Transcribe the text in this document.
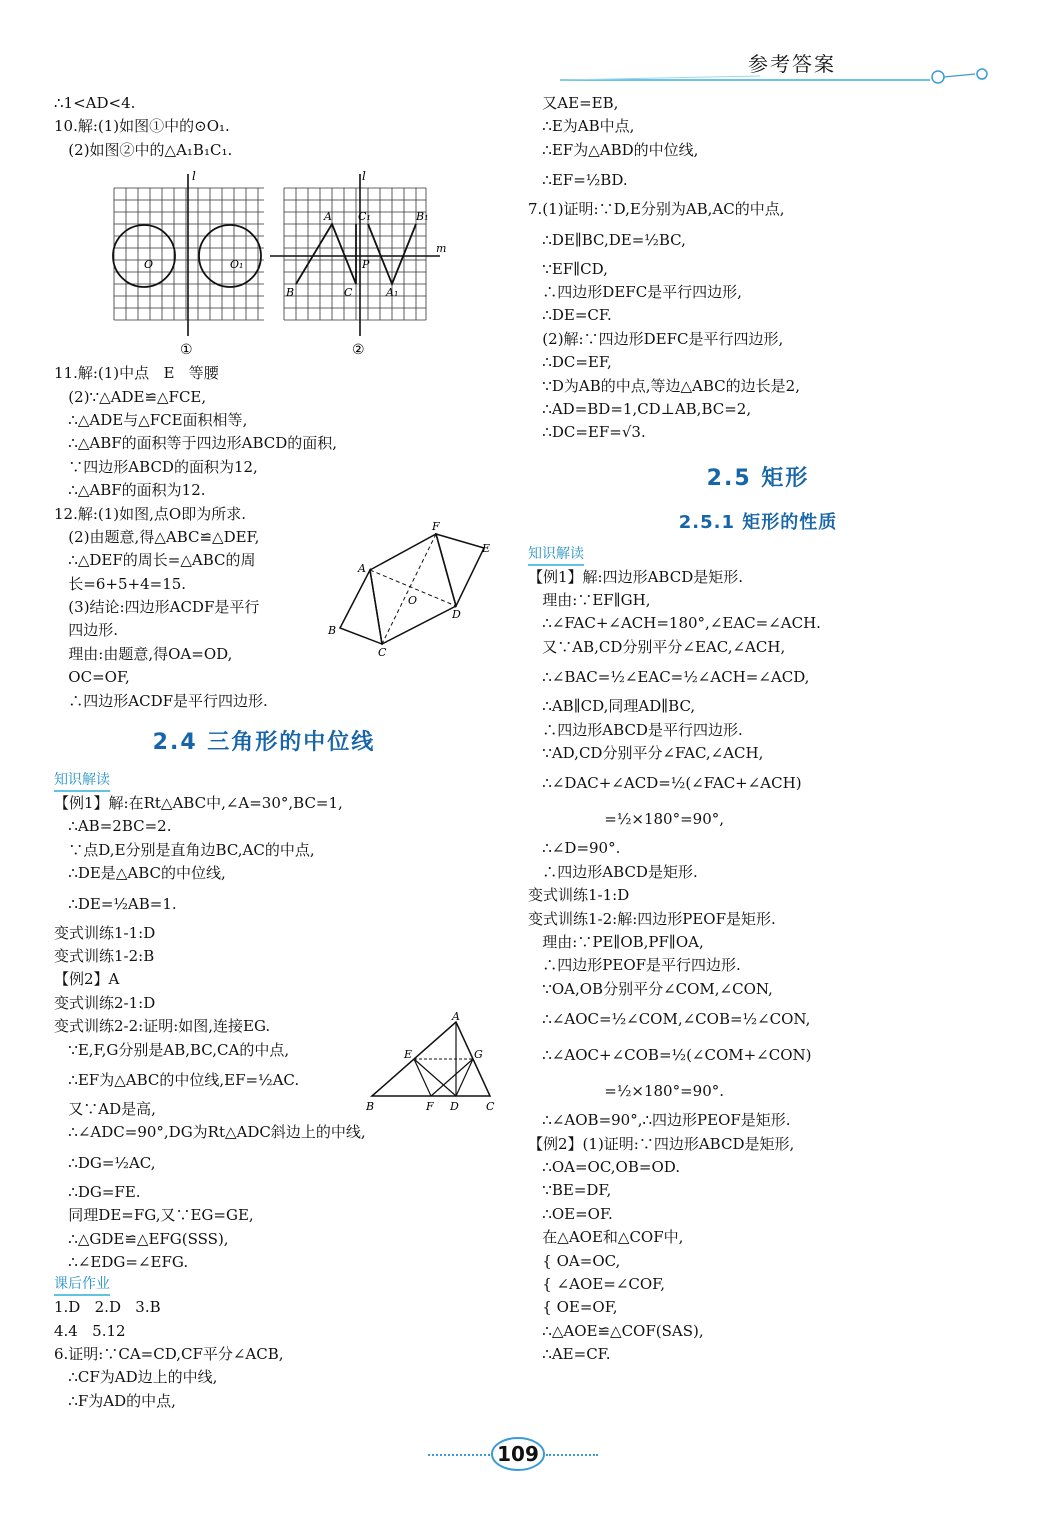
参考答案
∴1<AD<4.
10.解:(1)如图①中的⊙O₁.
(2)如图②中的△A₁B₁C₁.
11.解:(1)中点   E   等腰
(2)∵△ADE≌△FCE,
∴△ADE与△FCE面积相等,
∴△ABF的面积等于四边形ABCD的面积,
∵四边形ABCD的面积为12,
∴△ABF的面积为12.
12.解:(1)如图,点O即为所求.
(2)由题意,得△ABC≌△DEF,
∴△DEF的周长=△ABC的周
长=6+5+4=15.
(3)结论:四边形ACDF是平行
四边形.
理由:由题意,得OA=OD,
OC=OF,
∴四边形ACDF是平行四边形.
2.4 三角形的中位线
知识解读
【例1】解:在Rt△ABC中,∠A=30°,BC=1,
∴AB=2BC=2.
∵点D,E分别是直角边BC,AC的中点,
∴DE是△ABC的中位线,
∴DE=½AB=1.
变式训练1-1:D
变式训练1-2:B
【例2】A
变式训练2-1:D
变式训练2-2:证明:如图,连接EG.
∵E,F,G分别是AB,BC,CA的中点,
∴EF为△ABC的中位线,EF=½AC.
又∵AD是高,
∴∠ADC=90°,DG为Rt△ADC斜边上的中线,
∴DG=½AC,
∴DG=FE.
同理DE=FG,又∵EG=GE,
∴△GDE≌△EFG(SSS),
∴∠EDG=∠EFG.
课后作业
1.D   2.D   3.B
4.4   5.12
6.证明:∵CA=CD,CF平分∠ACB,
∴CF为AD边上的中线,
∴F为AD的中点,
l
O	O₁
①
l
m
A
B	C
C₁	B₁
A₁
P
②
A
B
C
D
E
F
O
A
B	C
D
E
F
G
又AE=EB,
∴E为AB中点,
∴EF为△ABD的中位线,
∴EF=½BD.
7.(1)证明:∵D,E分别为AB,AC的中点,
∴DE∥BC,DE=½BC,
∵EF∥CD,
∴四边形DEFC是平行四边形,
∴DE=CF.
(2)解:∵四边形DEFC是平行四边形,
∴DC=EF,
∵D为AB的中点,等边△ABC的边长是2,
∴AD=BD=1,CD⊥AB,BC=2,
∴DC=EF=√3.
2.5 矩形
2.5.1 矩形的性质
知识解读
【例1】解:四边形ABCD是矩形.
理由:∵EF∥GH,
∴∠FAC+∠ACH=180°,∠EAC=∠ACH.
又∵AB,CD分别平分∠EAC,∠ACH,
∴∠BAC=½∠EAC=½∠ACH=∠ACD,
∴AB∥CD,同理AD∥BC,
∴四边形ABCD是平行四边形.
∵AD,CD分别平分∠FAC,∠ACH,
∴∠DAC+∠ACD=½(∠FAC+∠ACH)
=½×180°=90°,
∴∠D=90°.
∴四边形ABCD是矩形.
变式训练1-1:D
变式训练1-2:解:四边形PEOF是矩形.
理由:∵PE∥OB,PF∥OA,
∴四边形PEOF是平行四边形.
∵OA,OB分别平分∠COM,∠CON,
∴∠AOC=½∠COM,∠COB=½∠CON,
∴∠AOC+∠COB=½(∠COM+∠CON)
=½×180°=90°.
∴∠AOB=90°,∴四边形PEOF是矩形.
【例2】(1)证明:∵四边形ABCD是矩形,
∴OA=OC,OB=OD.
∵BE=DF,
∴OE=OF.
在△AOE和△COF中,
{ OA=OC,
{ ∠AOE=∠COF,
{ OE=OF,
∴△AOE≌△COF(SAS),
∴AE=CF.
109
